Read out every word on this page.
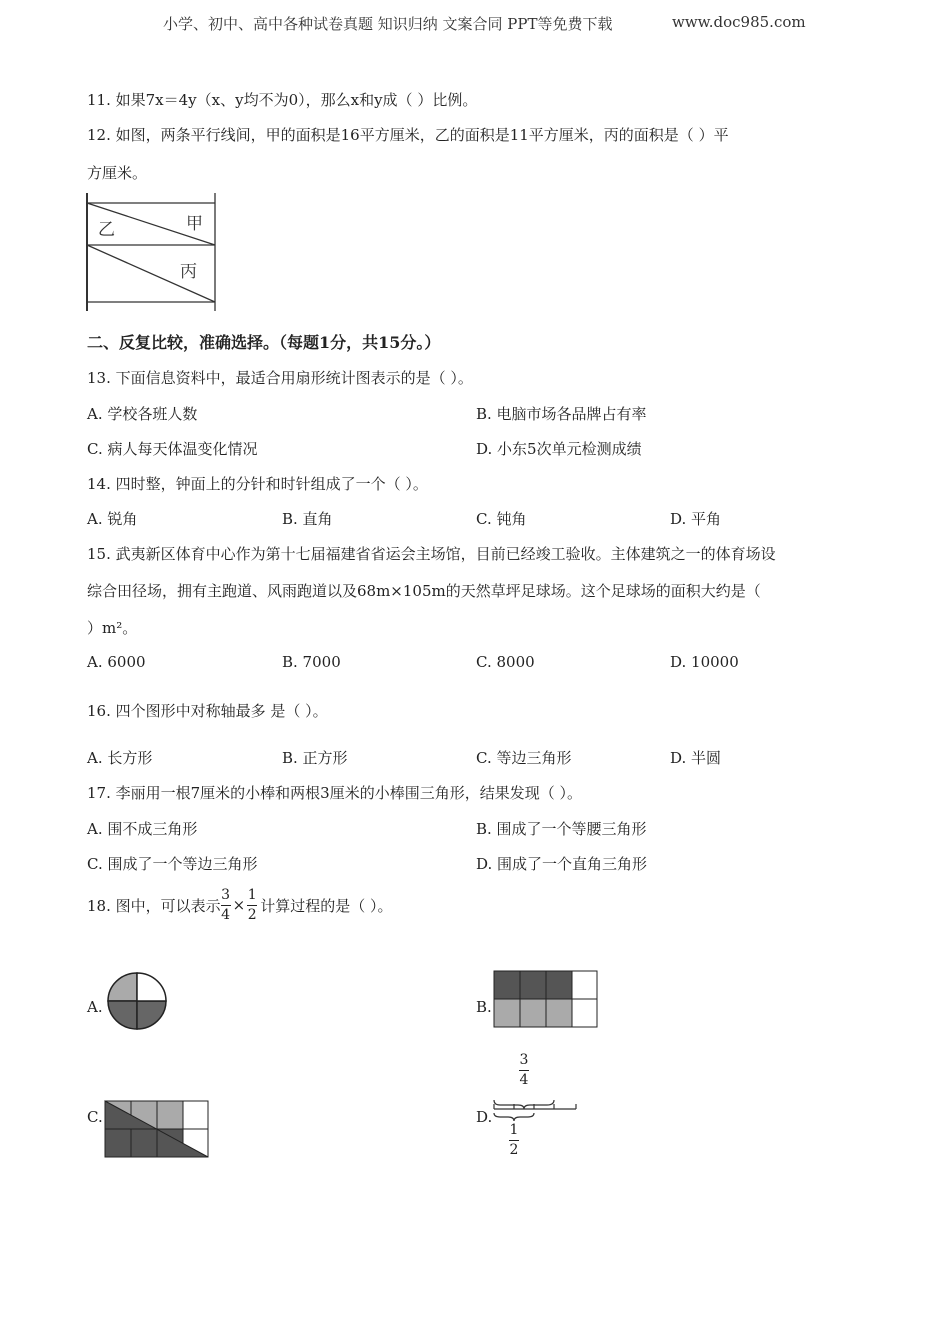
小学、初中、高中各种试卷真题 知识归纳 文案合同 PPT等免费下载	www.doc985.com
11. 如果7x＝4y（x、y均不为0），那么x和y成（ ）比例。
12. 如图，两条平行线间，甲的面积是16平方厘米，乙的面积是11平方厘米，丙的面积是（ ）平
方厘米。
甲
乙
丙
二、反复比较，准确选择。（每题1分，共15分。）
13. 下面信息资料中，最适合用扇形统计图表示的是（ ）。
A. 学校各班人数	B. 电脑市场各品牌占有率
C. 病人每天体温变化情况	D. 小东5次单元检测成绩
14. 四时整，钟面上的分针和时针组成了一个（ ）。
A. 锐角	B. 直角	C. 钝角	D. 平角
15. 武夷新区体育中心作为第十七届福建省省运会主场馆，目前已经竣工验收。主体建筑之一的体育场设
综合田径场，拥有主跑道、风雨跑道以及68m×105m的天然草坪足球场。这个足球场的面积大约是（
）m²。
A. 6000	B. 7000	C. 8000	D. 10000
16. 四个图形中对称轴最多 是（ ）。
A. 长方形	B. 正方形	C. 等边三角形	D. 半圆
17. 李丽用一根7厘米的小棒和两根3厘米的小棒围三角形，结果发现（ ）。
A. 围不成三角形	B. 围成了一个等腰三角形
C. 围成了一个等边三角形	D. 围成了一个直角三角形
18. 图中，可以表示 $\frac{3}{4} \times \frac{1}{2}$ 计算过程的是（ ）。
A.	B.
C.	D.
3
4
1
2
